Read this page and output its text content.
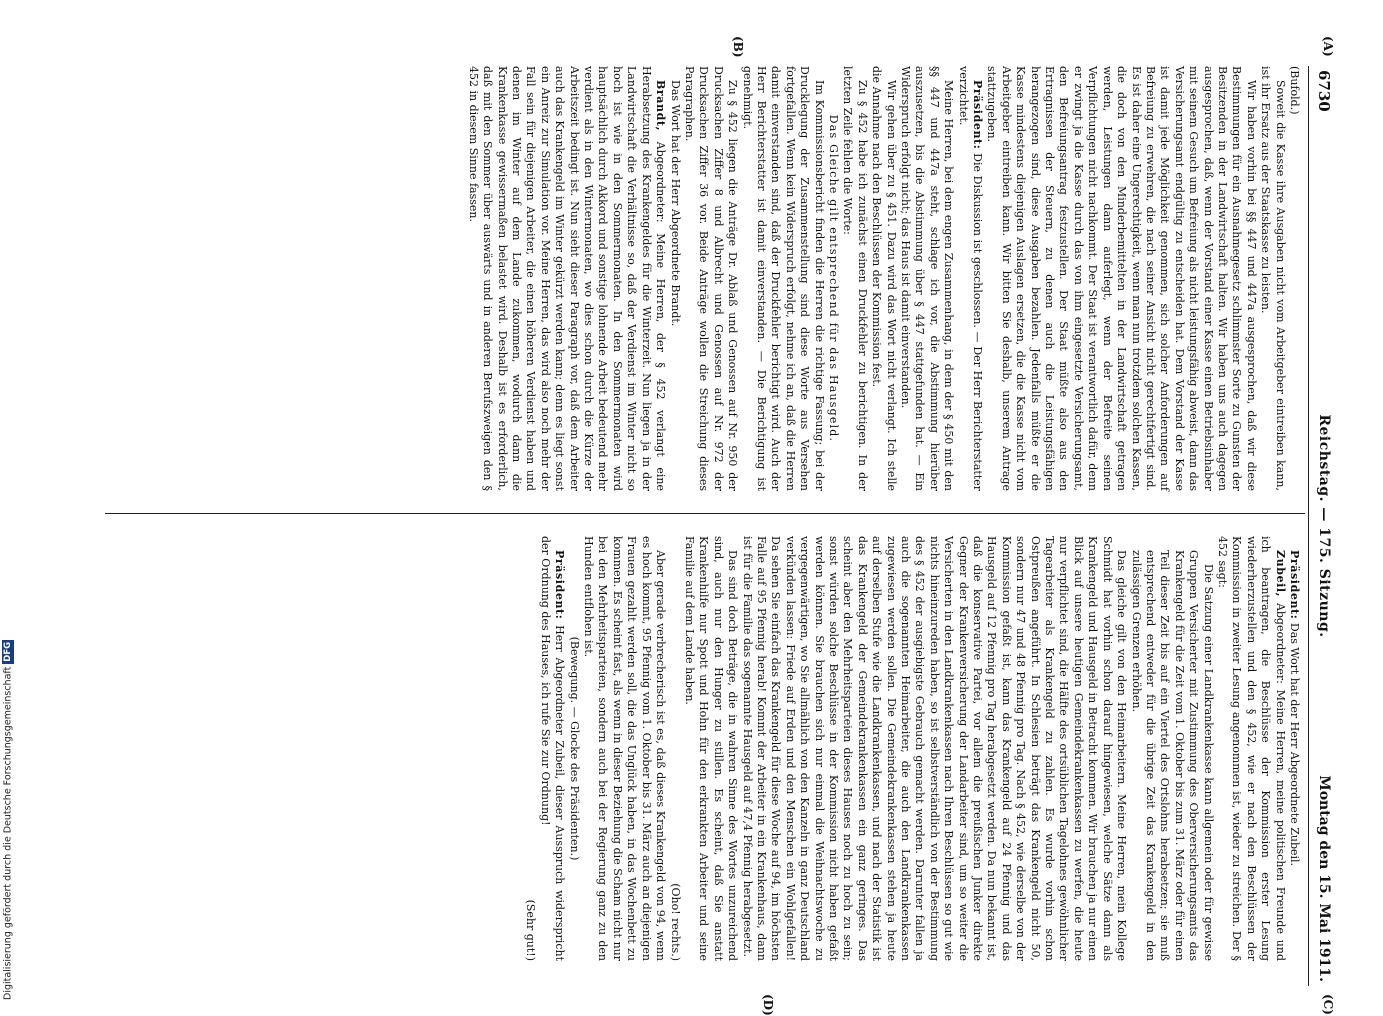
6730
Reichstag. — 175. Sitzung.
Montag den 15. Mai 1911.
(A)
(B)
(C)
(D)

(Bufold.)

Soweit die Kasse ihre Ausgaben nicht vom Arbeitgeber eintreiben kann, ist ihr Ersatz aus der Staatskasse zu leisten.

Wir haben vorhin bei §§ 447 und 447a ausgesprochen, daß wir diese Bestimmungen für ein Ausnahmegesetz schlimmster Sorte zu Gunsten der Besitzenden in der Landwirtschaft halten. Wir haben uns auch dagegen ausgesprochen, daß, wenn der Vorstand einer Kasse einen Betriebsinhaber mit seinem Gesuch um Befreiung als nicht leistungsfähig abweist, dann das Versicherungsamt endgültig zu entscheiden hat. Dem Vorstand der Kasse ist damit jede Möglichkeit genommen, sich solcher Anforderungen auf Befreiung zu erwehren, die nach seiner Ansicht nicht gerechtfertigt sind. Es ist daher eine Ungerechtigkeit, wenn man nun trotzdem solchen Kassen, die doch von den Minderbemittelten in der Landwirtschaft getragen werden, Leistungen dann auferlegt, wenn der Befreite seinen Verpflichtungen nicht nachkommt. Der Staat ist verantwortlich dafür, denn er zwingt ja die Kasse durch das von ihm eingesetzte Versicherungsamt, den Befreiungsantrag festzustellen. Der Staat müßte also aus den Ertragnissen der Steuern, zu denen auch die Leistungsfähigen herangezogen sind, diese Ausgaben bezahlen. Jedenfalls müßte er die Kasse mindestens diejenigen Auslagen ersetzen, die die Kasse nicht vom Arbeitgeber eintreiben kann. Wir bitten Sie deshalb, unserem Antrage stattzugeben.

Präsident: Die Diskussion ist geschlossen. — Der Herr Berichterstatter verzichtet.

Meine Herren, bei dem engen Zusammenhang, in dem der § 450 mit den §§ 447 und 447a steht, schlage ich vor, die Abstimmung hierüber auszusetzen, bis die Abstimmung über § 447 stattgefunden hat. — Ein Widerspruch erfolgt nicht; das Haus ist damit einverstanden.

Wir gehen über zu § 451. Dazu wird das Wort nicht verlangt. Ich stelle die Annahme nach den Beschlüssen der Kommission fest.

Zu § 452 habe ich zunächst einen Druckfehler zu berichtigen. In der letzten Zeile fehlen die Worte:

Das Gleiche gilt entsprechend für das Hausgeld.

Im Kommissionsbericht finden die Herren die richtige Fassung; bei der Drucklegung der Zusammenstellung sind diese Worte aus Versehen fortgefallen. Wenn kein Widerspruch erfolgt, nehme ich an, daß die Herren damit einverstanden sind, daß der Druckfehler berichtigt wird. Auch der Herr Berichterstatter ist damit einverstanden. — Die Berichtigung ist genehmigt.

Zu § 452 liegen die Anträge Dr. Ablaß und Genossen auf Nr. 950 der Drucksachen Ziffer 8 und Albrecht und Genossen auf Nr. 972 der Drucksachen Ziffer 36 vor. Beide Anträge wollen die Streichung dieses Paragraphen.

Das Wort hat der Herr Abgeordnete Brandt.

Brandt, Abgeordneter: Meine Herren, der § 452 verlangt eine Herabsetzung des Krankengeldes für die Winterzeit. Nun liegen ja in der Landwirtschaft die Verhältnisse so, daß der Verdienst im Winter nicht so hoch ist wie in den Sommermonaten. In den Sommermonaten wird hauptsächlich durch Akkord und sonstige lohnende Arbeit bedeutend mehr verdient als in den Wintermonaten, wo dies schon durch die Kürze der Arbeitszeit bedingt ist. Nun sieht dieser Paragraph vor, daß dem Arbeiter auch das Krankengeld im Winter gekürzt werden kann; denn es liegt sonst ein Anreiz zur Simulation vor. Meine Herren, das wird also noch mehr der Fall sein für diejenigen Arbeiter, die einen höheren Verdienst haben und denen im Winter auf dem Lande zukommen, wodurch dann die Krankenkasse gewissermaßen belastet wird. Deshalb ist es erforderlich, daß mit den Sommer über auswärts und in anderen Berufszweigen den § 452 in diesem Sinne fassen.

Präsident: Das Wort hat der Herr Abgeordnete Zubeil.

Zubeil, Abgeordneter: Meine Herren, meine politischen Freunde und ich beantragen, die Beschlüsse der Kommission erster Lesung wiederherzustellen und den § 452, wie er nach den Beschlüssen der Kommission in zweiter Lesung angenommen ist, wieder zu streichen. Der § 452 sagt:

Die Satzung einer Landkrankenkasse kann allgemein oder für gewisse Gruppen Versicherter mit Zustimmung des Oberversicherungsamts das Krankengeld für die Zeit vom 1. Oktober bis zum 31. März oder für einen Teil dieser Zeit bis auf ein Viertel des Ortslohns herabsetzen; sie muß entsprechend entweder für die übrige Zeit das Krankengeld in den zulässigen Grenzen erhöhen.

Das gleiche gilt von den Heimarbeitern. Meine Herren, mein Kollege Schmidt hat vorhin schon darauf hingewiesen, welche Sätze dann als Krankengeld und Hausgeld in Betracht kommen. Wir brauchen ja nur einen Blick auf unsere heutigen Gemeindekrankenkassen zu werfen, die heute nur verpflichtet sind, die Hälfte des ortsüblichen Tagelohnes gewöhnlicher Tagearbeiter als Krankengeld zu zahlen. Es wurde vorhin schon Ostpreußen angeführt. In Schlesien beträgt das Krankengeld nicht 50, sondern nur 47 und 48 Pfennig pro Tag. Nach § 452, wie derselbe von der Kommission gefaßt ist, kann das Krankengeld auf 24 Pfennig und das Hausgeld auf 12 Pfennig pro Tag herabgesetzt werden. Da nun bekannt ist, daß die konservative Partei, vor allem die preußischen Junker direkte Gegner der Krankenversicherung der Landarbeiter sind, um so weiter die Versicherten in den Landkrankenkassen nach Ihren Beschlüssen so gut wie nichts hineinzureden haben, so ist selbstverständlich von der Bestimmung des § 452 der ausgiebigste Gebrauch gemacht werden. Darunter fallen ja auch die sogenannten Heimarbeiter, die auch den Landkrankenkassen zugewiesen werden sollen. Die Gemeindekrankenkassen stehen ja heute auf derselben Stufe wie die Landkrankenkassen, und nach der Statistik ist das Krankengeld der Gemeindekrankenkassen ein ganz geringes. Das scheint aber den Mehrheitsparteien dieses Hauses noch zu hoch zu sein; sonst würden solche Beschlüsse in der Kommission nicht haben gefaßt werden können. Sie brauchen sich nur einmal die Weihnachtswoche zu vergegenwärtigen, wo Sie allmählich von den Kanzeln in ganz Deutschland verkünden lassen: Friede auf Erden und den Menschen ein Wohlgefallen! Da sehen Sie einfach das Krankengeld für diese Woche auf 94, im höchsten Falle auf 95 Pfennig herab! Kommt der Arbeiter in ein Krankenhaus, dann ist für die Familie das sogenannte Hausgeld auf 47,4 Pfennig herabgesetzt.

Das sind doch Beträge, die in wahren Sinne des Wortes unzureichend sind, auch nur den Hunger zu stillen. Es scheint, daß Sie anstatt Krankenhilfe nur Spott und Hohn für den erkrankten Arbeiter und seine Familie auf dem Lande haben.

(Oho! rechts.)

Aber gerade verbrecherisch ist es, daß dieses Krankengeld von 94, wenn es hoch kommt, 95 Pfennig vom 1. Oktober bis 31. März auch an diejenigen Frauen gezahlt werden soll, die das Unglück haben, in das Wochenbett zu kommen. Es scheint fast, als wenn in dieser Beziehung die Scham nicht nur bei den Mehrheitsparteien, sondern auch bei der Regierung ganz zu den Hunden entflohen ist.

(Bewegung. — Glocke des Präsidenten.)

Präsident: Herr Abgeordneter Zubeil, dieser Ausspruch widerspricht der Ordnung des Hauses, ich rufe Sie zur Ordnung!

(Sehr gut!)

Digitalisierung gefördert durch die Deutsche ForschungsgemeinschaftDFG
